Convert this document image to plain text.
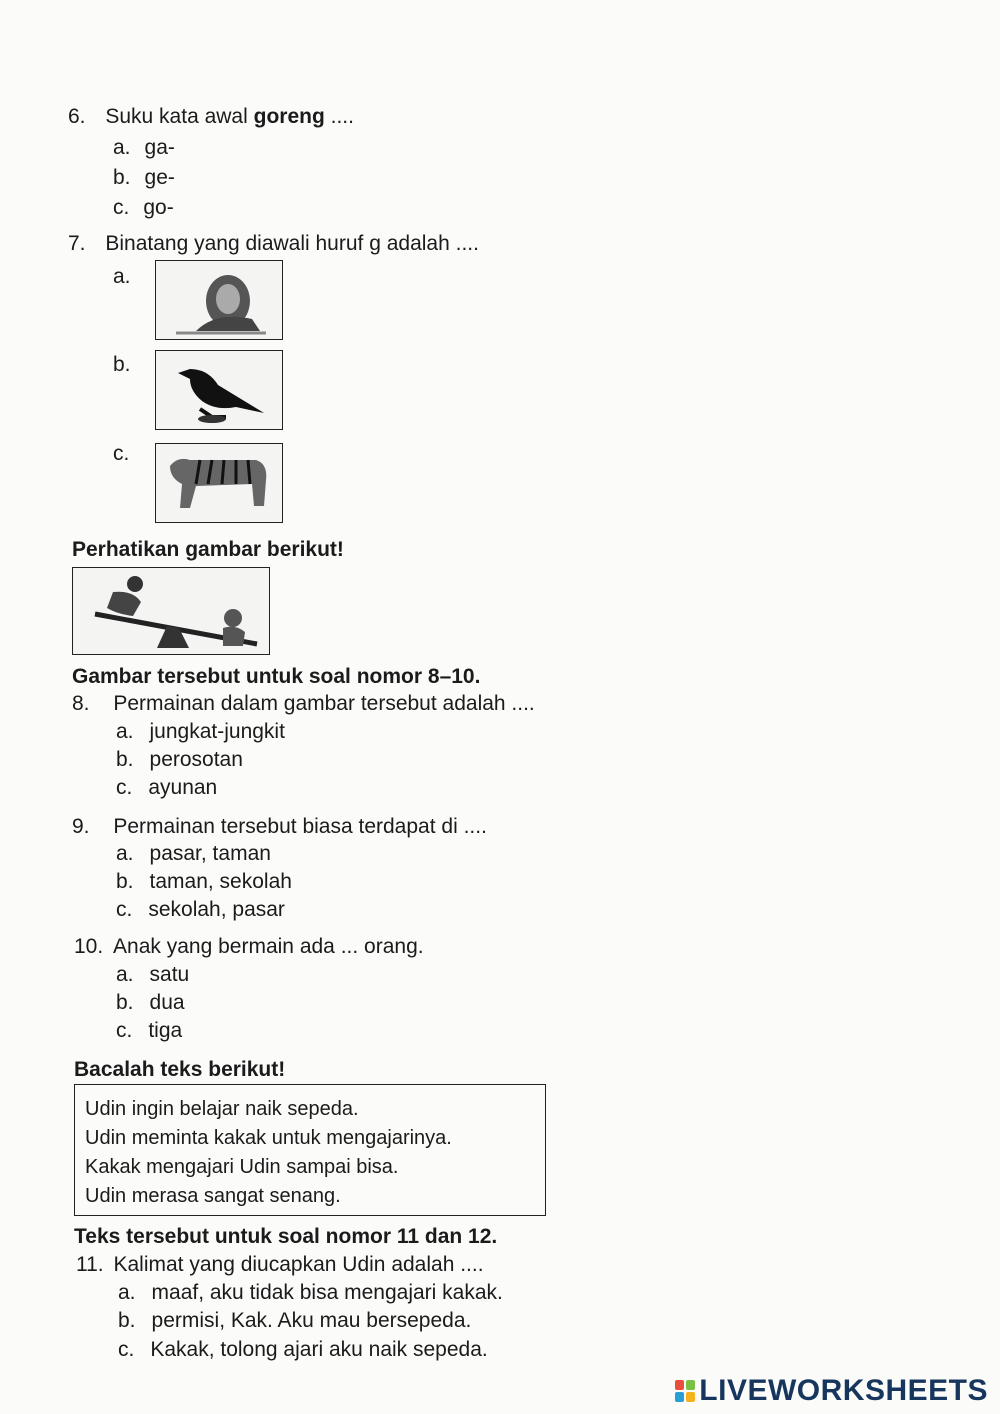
6. Suku kata awal goreng ....
a. ga-
b. ge-
c. go-
7. Binatang yang diawali huruf g adalah ....
a.
b.
c.
Perhatikan gambar berikut!
Gambar tersebut untuk soal nomor 8–10.
8. Permainan dalam gambar tersebut adalah ....
a. jungkat-jungkit
b. perosotan
c. ayunan
9. Permainan tersebut biasa terdapat di ....
a. pasar, taman
b. taman, sekolah
c. sekolah, pasar
10. Anak yang bermain ada ... orang.
a. satu
b. dua
c. tiga
Bacalah teks berikut!
Udin ingin belajar naik sepeda.
Udin meminta kakak untuk mengajarinya.
Kakak mengajari Udin sampai bisa.
Udin merasa sangat senang.
Teks tersebut untuk soal nomor 11 dan 12.
11. Kalimat yang diucapkan Udin adalah ....
a. maaf, aku tidak bisa mengajari kakak.
b. permisi, Kak. Aku mau bersepeda.
c. Kakak, tolong ajari aku naik sepeda.
LIVEWORKSHEETS
